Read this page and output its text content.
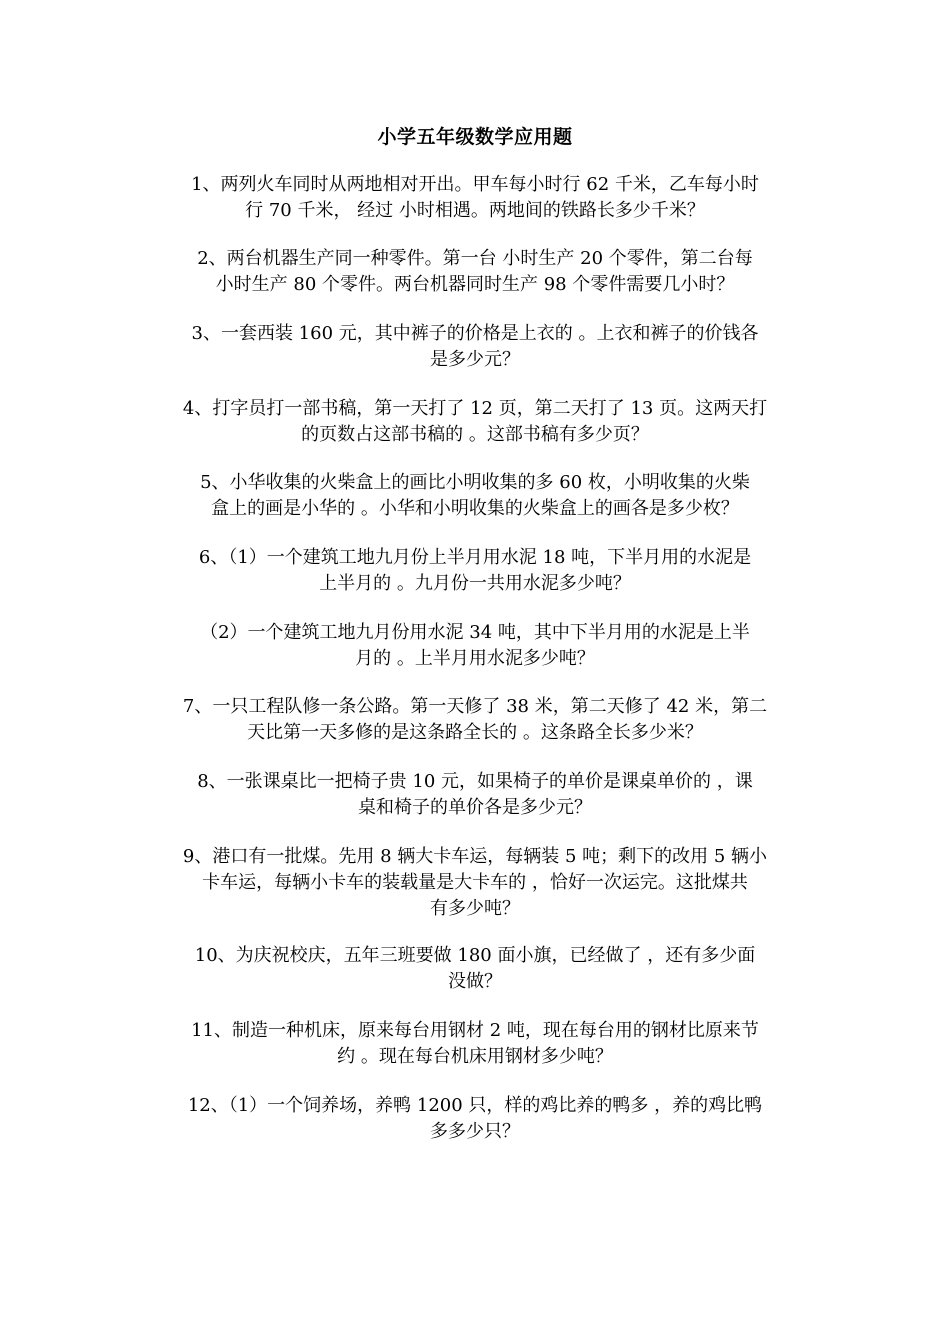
小学五年级数学应用题
1、两列火车同时从两地相对开出。甲车每小时行 62 千米，乙车每小时
行 70 千米， 经过 小时相遇。两地间的铁路长多少千米？
2、两台机器生产同一种零件。第一台 小时生产 20 个零件，第二台每
小时生产 80 个零件。两台机器同时生产 98 个零件需要几小时？
3、一套西装 160 元，其中裤子的价格是上衣的 。上衣和裤子的价钱各
是多少元？
4、打字员打一部书稿，第一天打了 12 页，第二天打了 13 页。这两天打
的页数占这部书稿的 。这部书稿有多少页？
5、小华收集的火柴盒上的画比小明收集的多 60 枚，小明收集的火柴
盒上的画是小华的 。小华和小明收集的火柴盒上的画各是多少枚？
6、（1）一个建筑工地九月份上半月用水泥 18 吨，下半月用的水泥是
上半月的 。九月份一共用水泥多少吨？
（2）一个建筑工地九月份用水泥 34 吨，其中下半月用的水泥是上半
月的 。上半月用水泥多少吨？
7、一只工程队修一条公路。第一天修了 38 米，第二天修了 42 米，第二
天比第一天多修的是这条路全长的 。这条路全长多少米？
8、一张课桌比一把椅子贵 10 元，如果椅子的单价是课桌单价的 ，课
桌和椅子的单价各是多少元？
9、港口有一批煤。先用 8 辆大卡车运，每辆装 5 吨；剩下的改用 5 辆小
卡车运，每辆小卡车的装载量是大卡车的 ，恰好一次运完。这批煤共
有多少吨？
10、为庆祝校庆，五年三班要做 180 面小旗，已经做了 ，还有多少面
没做？
11、制造一种机床，原来每台用钢材 2 吨，现在每台用的钢材比原来节
约 。现在每台机床用钢材多少吨？
12、（1）一个饲养场，养鸭 1200 只，样的鸡比养的鸭多 ，养的鸡比鸭
多多少只？
